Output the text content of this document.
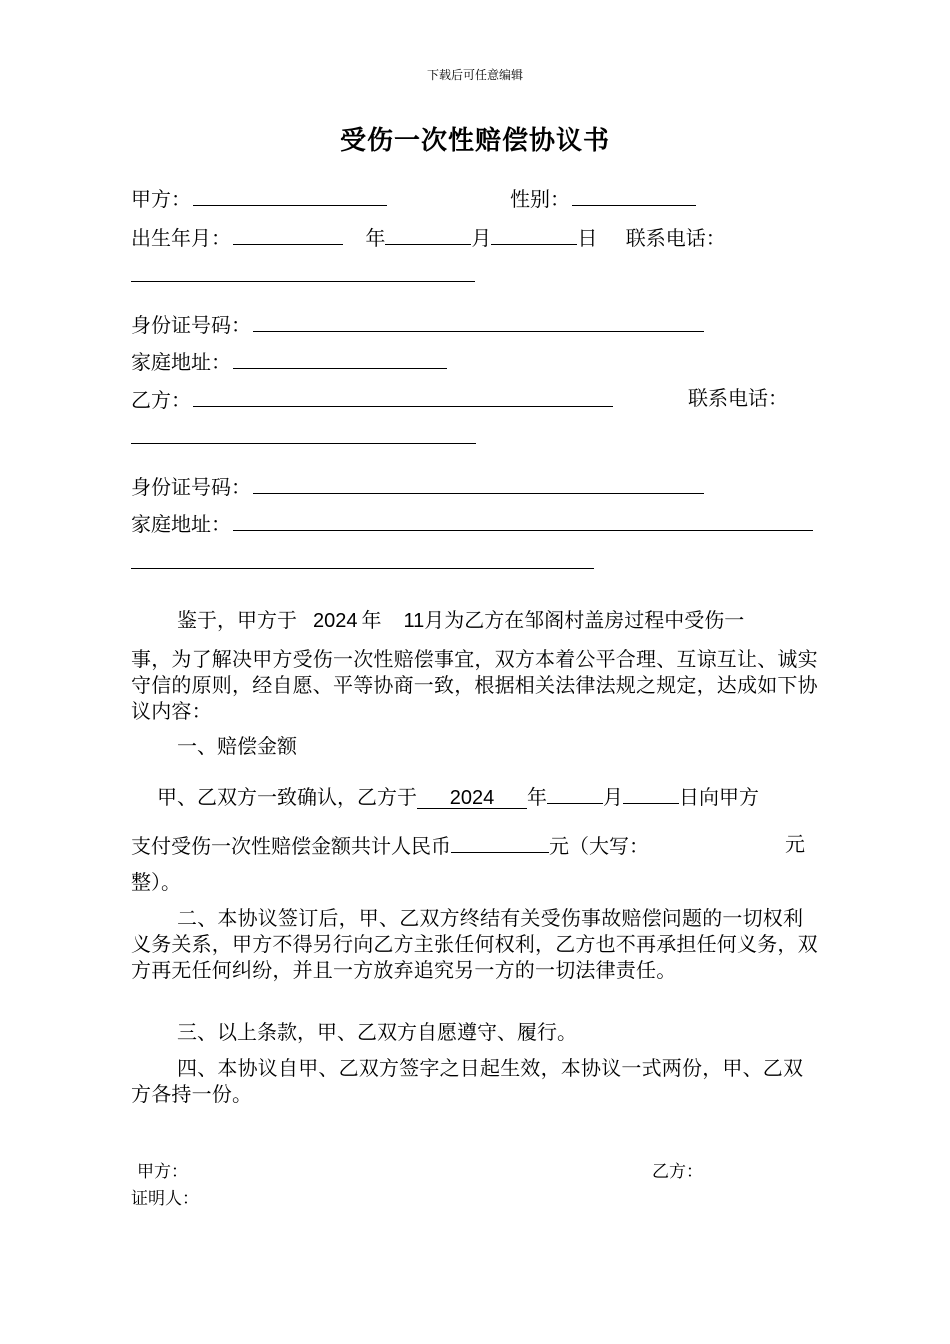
下载后可任意编辑
受伤一次性赔偿协议书
甲方：	性别：
出生年月：	年	月	日 联系电话：
身份证号码：
家庭地址：
乙方：	联系电话：
身份证号码：
家庭地址：
鉴于，甲方于 2024 年 11月为乙方在邹阁村盖房过程中受伤一
事，为了解决甲方受伤一次性赔偿事宜，双方本着公平合理、互谅互让、诚实守信的原则，经自愿、平等协商一致，根据相关法律法规之规定，达成如下协议内容：
一、赔偿金额
甲、乙双方一致确认，乙方于 2024 年	月	日向甲方
支付受伤一次性赔偿金额共计人民币	元（大写：	元
整）。
二、本协议签订后，甲、乙双方终结有关受伤事故赔偿问题的一切权利义务关系，甲方不得另行向乙方主张任何权利，乙方也不再承担任何义务，双方再无任何纠纷，并且一方放弃追究另一方的一切法律责任。
三、以上条款，甲、乙双方自愿遵守、履行。
四、本协议自甲、乙双方签字之日起生效，本协议一式两份，甲、乙双方各持一份。
甲方：	乙方：
证明人：
